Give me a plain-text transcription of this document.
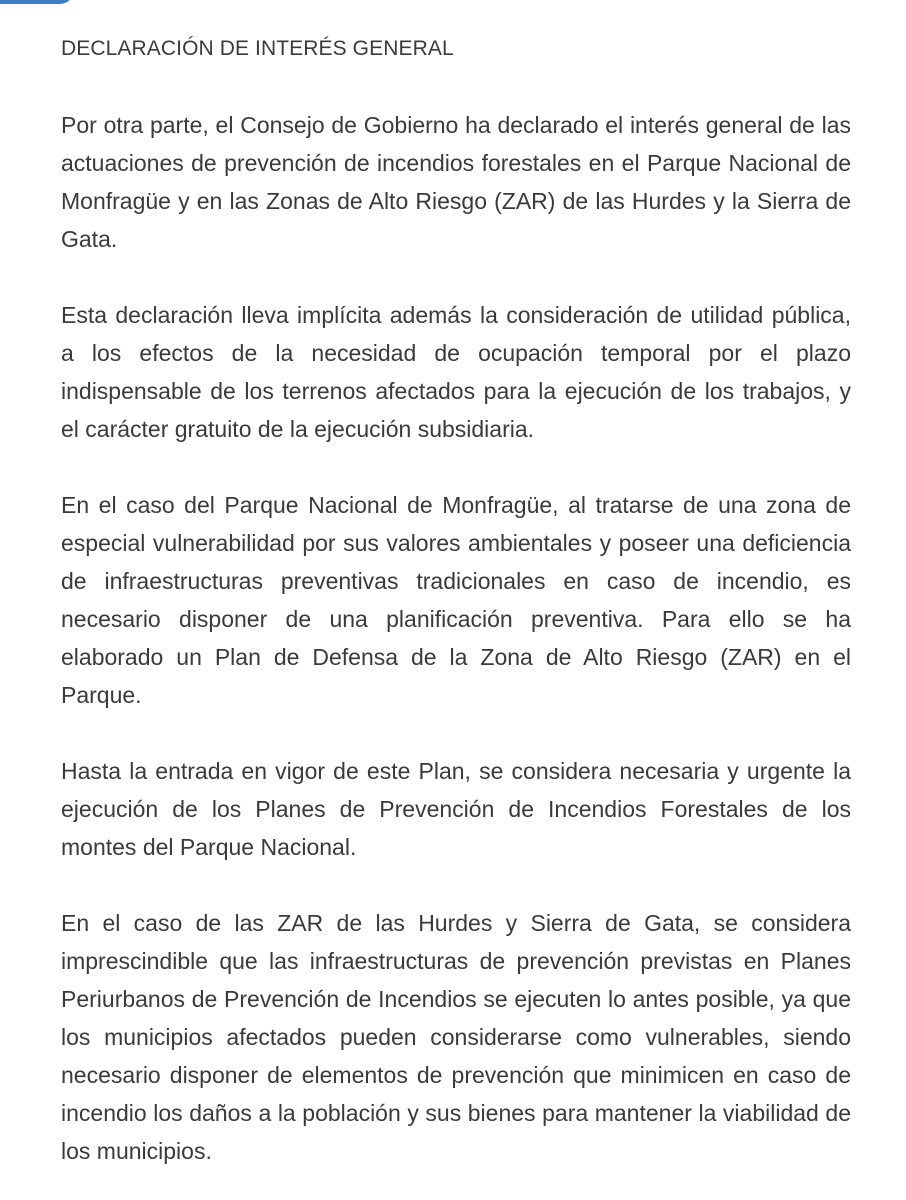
DECLARACIÓN DE INTERÉS GENERAL

Por otra parte, el Consejo de Gobierno ha declarado el interés general de las actuaciones de prevención de incendios forestales en el Parque Nacional de Monfragüe y en las Zonas de Alto Riesgo (ZAR) de las Hurdes y la Sierra de Gata.

Esta declaración lleva implícita además la consideración de utilidad pública, a los efectos de la necesidad de ocupación temporal por el plazo indispensable de los terrenos afectados para la ejecución de los trabajos, y el carácter gratuito de la ejecución subsidiaria.

En el caso del Parque Nacional de Monfragüe, al tratarse de una zona de especial vulnerabilidad por sus valores ambientales y poseer una deficiencia de infraestructuras preventivas tradicionales en caso de incendio, es necesario disponer de una planificación preventiva. Para ello se ha elaborado un Plan de Defensa de la Zona de Alto Riesgo (ZAR) en el Parque.

Hasta la entrada en vigor de este Plan, se considera necesaria y urgente la ejecución de los Planes de Prevención de Incendios Forestales de los montes del Parque Nacional.

En el caso de las ZAR de las Hurdes y Sierra de Gata, se considera imprescindible que las infraestructuras de prevención previstas en Planes Periurbanos de Prevención de Incendios se ejecuten lo antes posible, ya que los municipios afectados pueden considerarse como vulnerables, siendo necesario disponer de elementos de prevención que minimicen en caso de incendio los daños a la población y sus bienes para mantener la viabilidad de los municipios.
